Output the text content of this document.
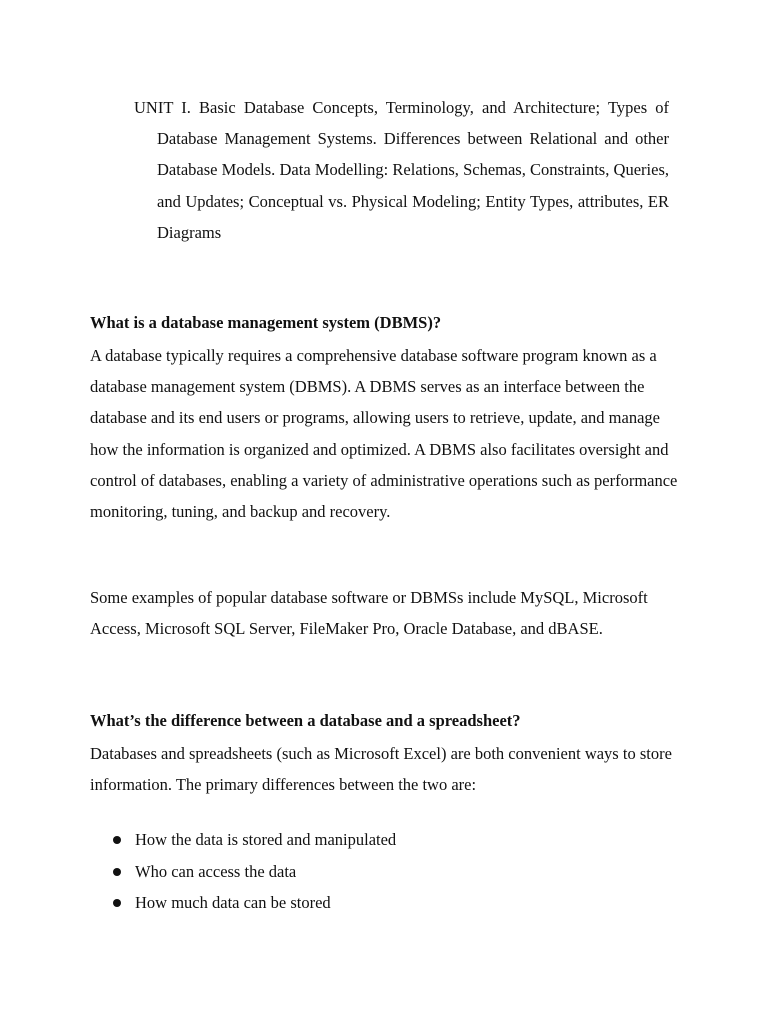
UNIT I. Basic Database Concepts, Terminology, and Architecture; Types of Database Management Systems. Differences between Relational and other Database Models. Data Modelling: Relations, Schemas, Constraints, Queries, and Updates; Conceptual vs. Physical Modeling; Entity Types, attributes, ER Diagrams

What is a database management system (DBMS)?

A database typically requires a comprehensive database software program known as a database management system (DBMS). A DBMS serves as an interface between the database and its end users or programs, allowing users to retrieve, update, and manage how the information is organized and optimized. A DBMS also facilitates oversight and control of databases, enabling a variety of administrative operations such as performance monitoring, tuning, and backup and recovery.

Some examples of popular database software or DBMSs include MySQL, Microsoft Access, Microsoft SQL Server, FileMaker Pro, Oracle Database, and dBASE.

What’s the difference between a database and a spreadsheet?

Databases and spreadsheets (such as Microsoft Excel) are both convenient ways to store information. The primary differences between the two are:

How the data is stored and manipulated
Who can access the data
How much data can be stored
